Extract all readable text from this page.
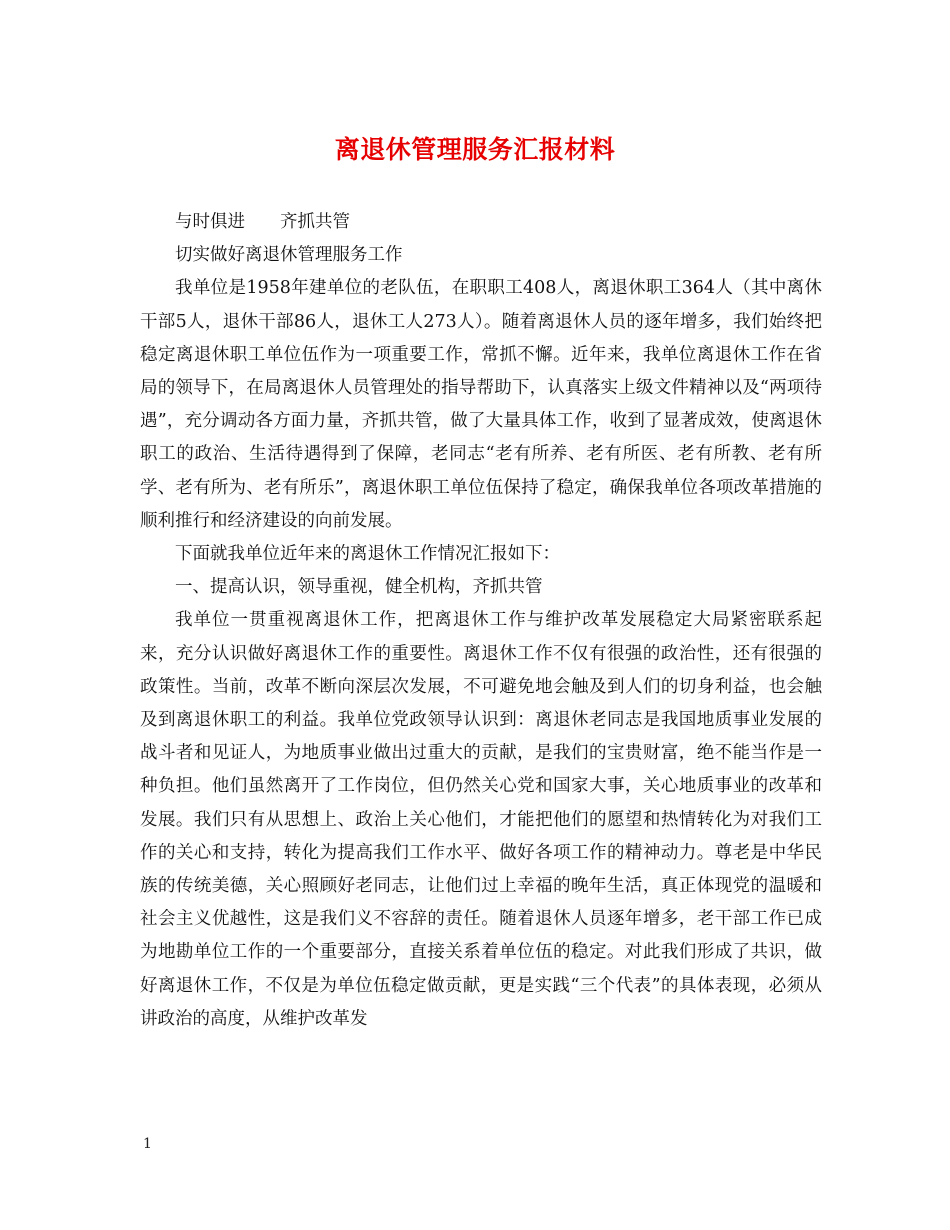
离退休管理服务汇报材料

与时俱进　　齐抓共管

切实做好离退休管理服务工作

我单位是1958年建单位的老队伍，在职职工408人，离退休职工364人（其中离休干部5人，退休干部86人，退休工人273人）。随着离退休人员的逐年增多，我们始终把稳定离退休职工单位伍作为一项重要工作，常抓不懈。近年来，我单位离退休工作在省局的领导下，在局离退休人员管理处的指导帮助下，认真落实上级文件精神以及“两项待遇”，充分调动各方面力量，齐抓共管，做了大量具体工作，收到了显著成效，使离退休职工的政治、生活待遇得到了保障，老同志“老有所养、老有所医、老有所教、老有所学、老有所为、老有所乐”，离退休职工单位伍保持了稳定，确保我单位各项改革措施的顺利推行和经济建设的向前发展。

下面就我单位近年来的离退休工作情况汇报如下：

一、提高认识，领导重视，健全机构，齐抓共管

我单位一贯重视离退休工作，把离退休工作与维护改革发展稳定大局紧密联系起来，充分认识做好离退休工作的重要性。离退休工作不仅有很强的政治性，还有很强的政策性。当前，改革不断向深层次发展，不可避免地会触及到人们的切身利益，也会触及到离退休职工的利益。我单位党政领导认识到：离退休老同志是我国地质事业发展的战斗者和见证人，为地质事业做出过重大的贡献，是我们的宝贵财富，绝不能当作是一种负担。他们虽然离开了工作岗位，但仍然关心党和国家大事，关心地质事业的改革和发展。我们只有从思想上、政治上关心他们，才能把他们的愿望和热情转化为对我们工作的关心和支持，转化为提高我们工作水平、做好各项工作的精神动力。尊老是中华民族的传统美德，关心照顾好老同志，让他们过上幸福的晚年生活，真正体现党的温暖和社会主义优越性，这是我们义不容辞的责任。随着退休人员逐年增多，老干部工作已成为地勘单位工作的一个重要部分，直接关系着单位伍的稳定。对此我们形成了共识，做好离退休工作，不仅是为单位伍稳定做贡献，更是实践“三个代表”的具体表现，必须从讲政治的高度，从维护改革发

1
